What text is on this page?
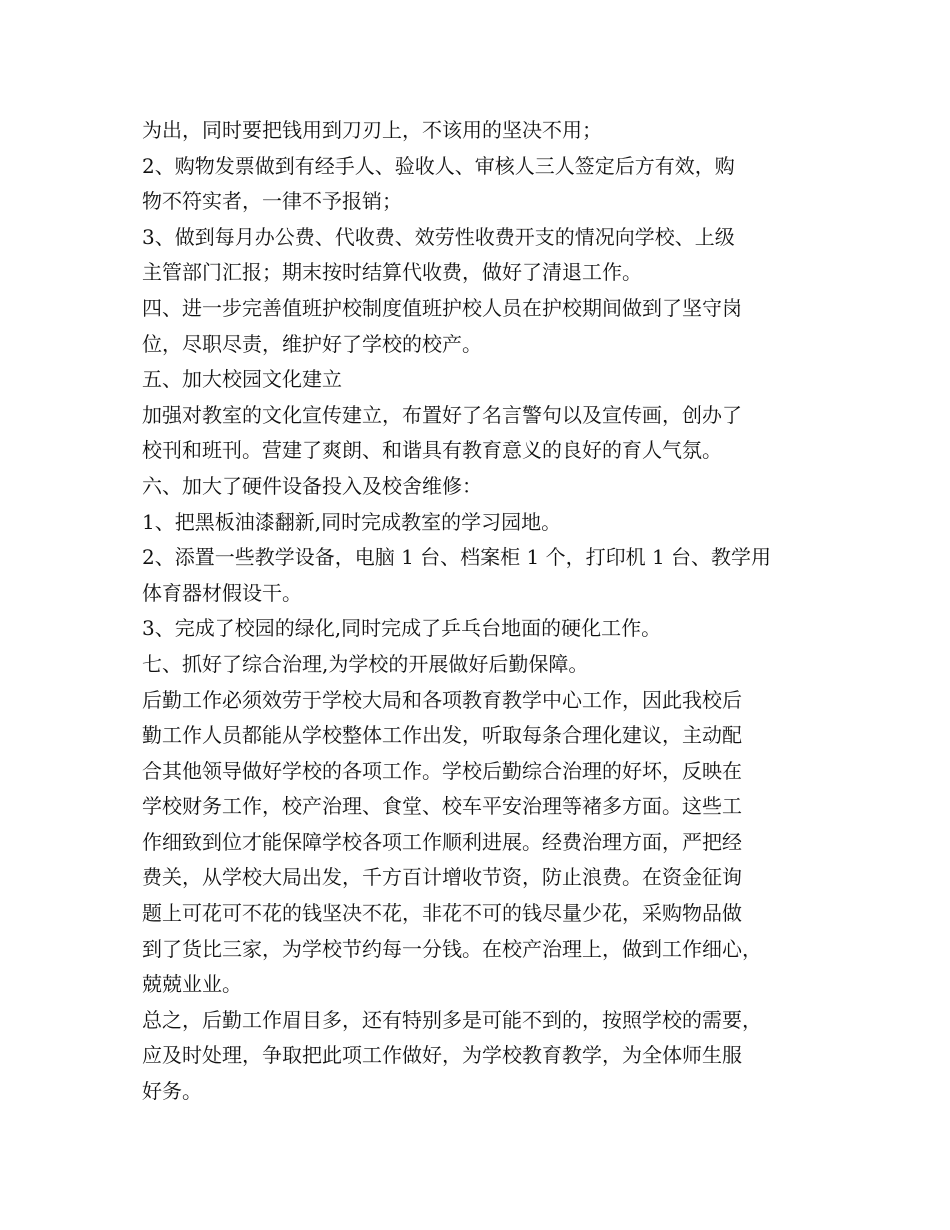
为出，同时要把钱用到刀刃上，不该用的坚决不用；
2、购物发票做到有经手人、验收人、审核人三人签定后方有效，购
物不符实者，一律不予报销；
3、做到每月办公费、代收费、效劳性收费开支的情况向学校、上级
主管部门汇报；期末按时结算代收费，做好了清退工作。
四、进一步完善值班护校制度值班护校人员在护校期间做到了坚守岗
位，尽职尽责，维护好了学校的校产。
五、加大校园文化建立
加强对教室的文化宣传建立，布置好了名言警句以及宣传画，创办了
校刊和班刊。营建了爽朗、和谐具有教育意义的良好的育人气氛。
六、加大了硬件设备投入及校舍维修：
1、把黑板油漆翻新,同时完成教室的学习园地。
2、添置一些教学设备，电脑 1 台、档案柜 1 个，打印机 1 台、教学用
体育器材假设干。
3、完成了校园的绿化,同时完成了乒乓台地面的硬化工作。
七、抓好了综合治理,为学校的开展做好后勤保障。
后勤工作必须效劳于学校大局和各项教育教学中心工作，因此我校后
勤工作人员都能从学校整体工作出发，听取每条合理化建议，主动配
合其他领导做好学校的各项工作。学校后勤综合治理的好坏，反映在
学校财务工作，校产治理、食堂、校车平安治理等褚多方面。这些工
作细致到位才能保障学校各项工作顺利进展。经费治理方面，严把经
费关，从学校大局出发，千方百计增收节资，防止浪费。在资金征询
题上可花可不花的钱坚决不花，非花不可的钱尽量少花，采购物品做
到了货比三家，为学校节约每一分钱。在校产治理上，做到工作细心，
兢兢业业。
总之，后勤工作眉目多，还有特别多是可能不到的，按照学校的需要，
应及时处理，争取把此项工作做好，为学校教育教学，为全体师生服
好务。
